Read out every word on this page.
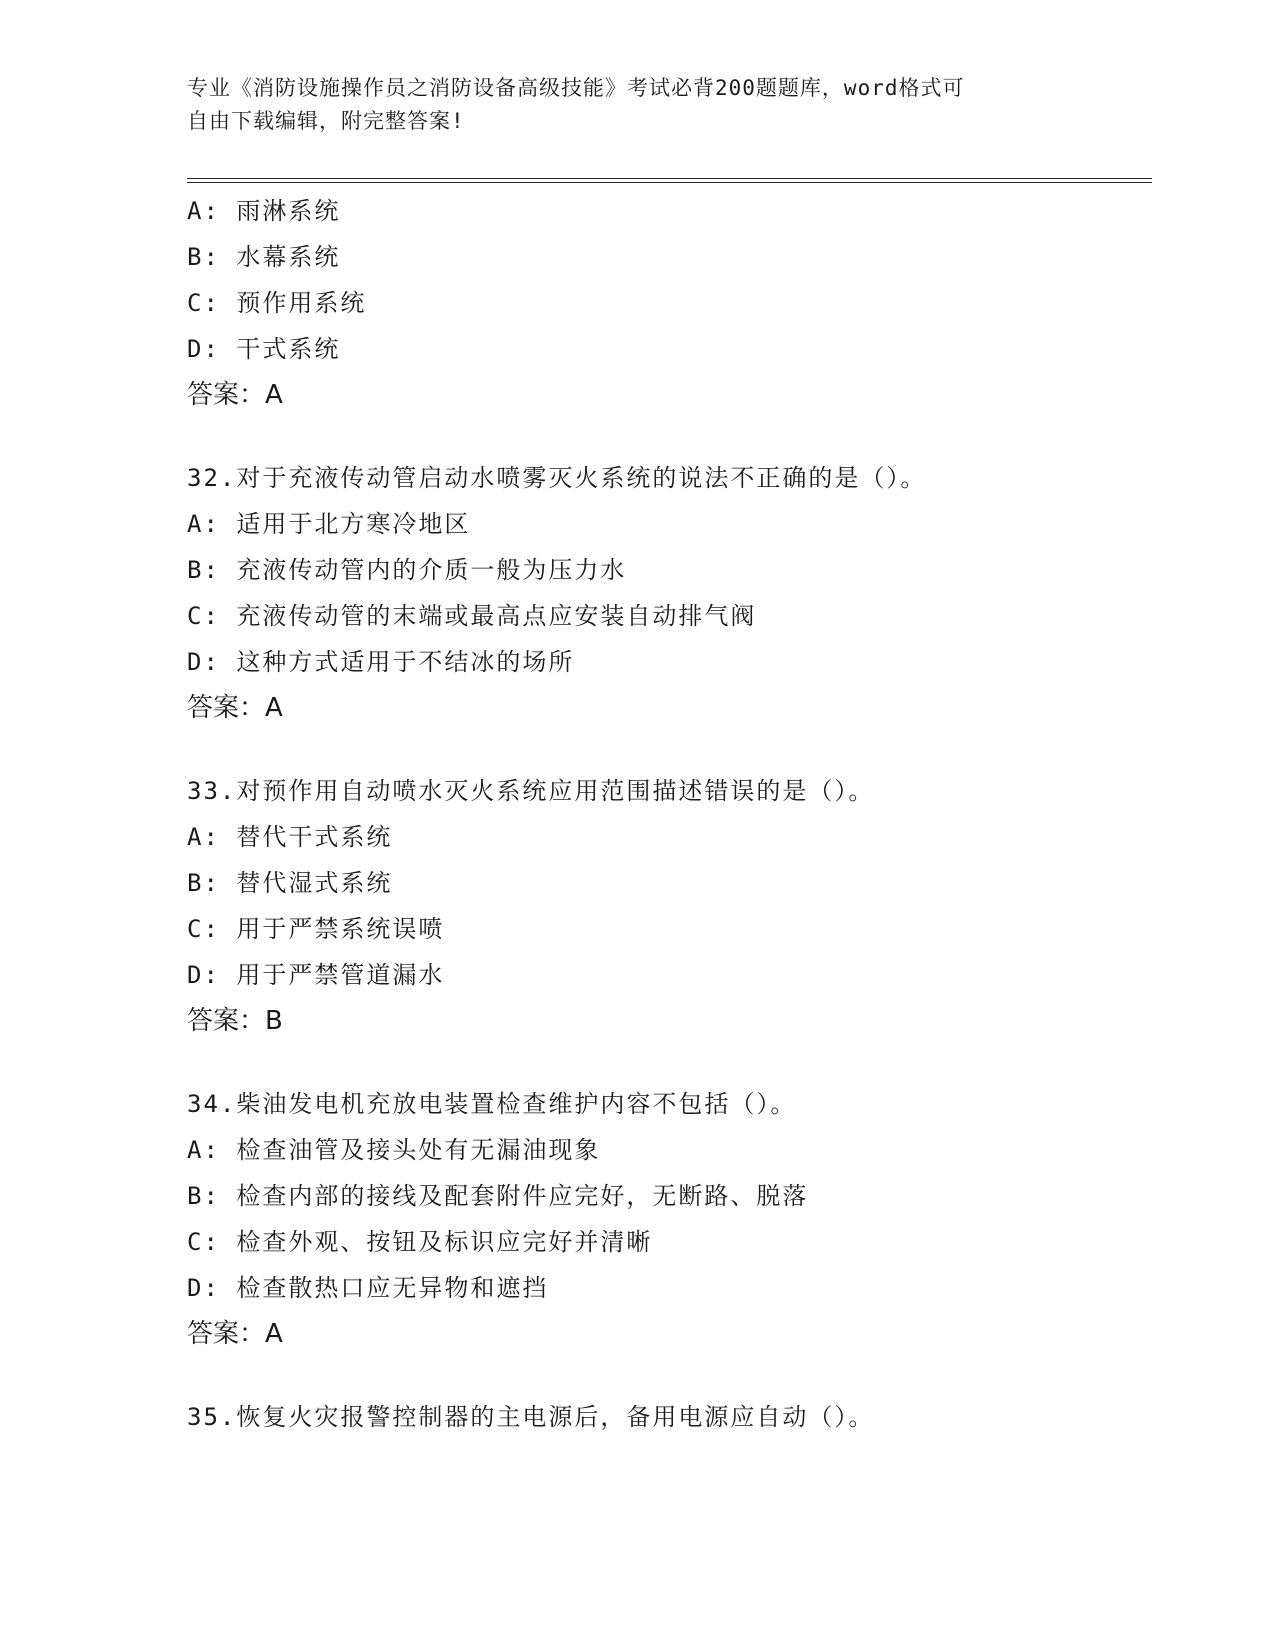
专业《消防设施操作员之消防设备高级技能》考试必背200题题库，word格式可
自由下载编辑，附完整答案!
A: 雨淋系统
B: 水幕系统
C: 预作用系统
D: 干式系统
答案：A
32.对于充液传动管启动水喷雾灭火系统的说法不正确的是（）。
A: 适用于北方寒冷地区
B: 充液传动管内的介质一般为压力水
C: 充液传动管的末端或最高点应安装自动排气阀
D: 这种方式适用于不结冰的场所
答案：A
33.对预作用自动喷水灭火系统应用范围描述错误的是（）。
A: 替代干式系统
B: 替代湿式系统
C: 用于严禁系统误喷
D: 用于严禁管道漏水
答案：B
34.柴油发电机充放电装置检查维护内容不包括（）。
A: 检查油管及接头处有无漏油现象
B: 检查内部的接线及配套附件应完好，无断路、脱落
C: 检查外观、按钮及标识应完好并清晰
D: 检查散热口应无异物和遮挡
答案：A
35.恢复火灾报警控制器的主电源后，备用电源应自动（）。
